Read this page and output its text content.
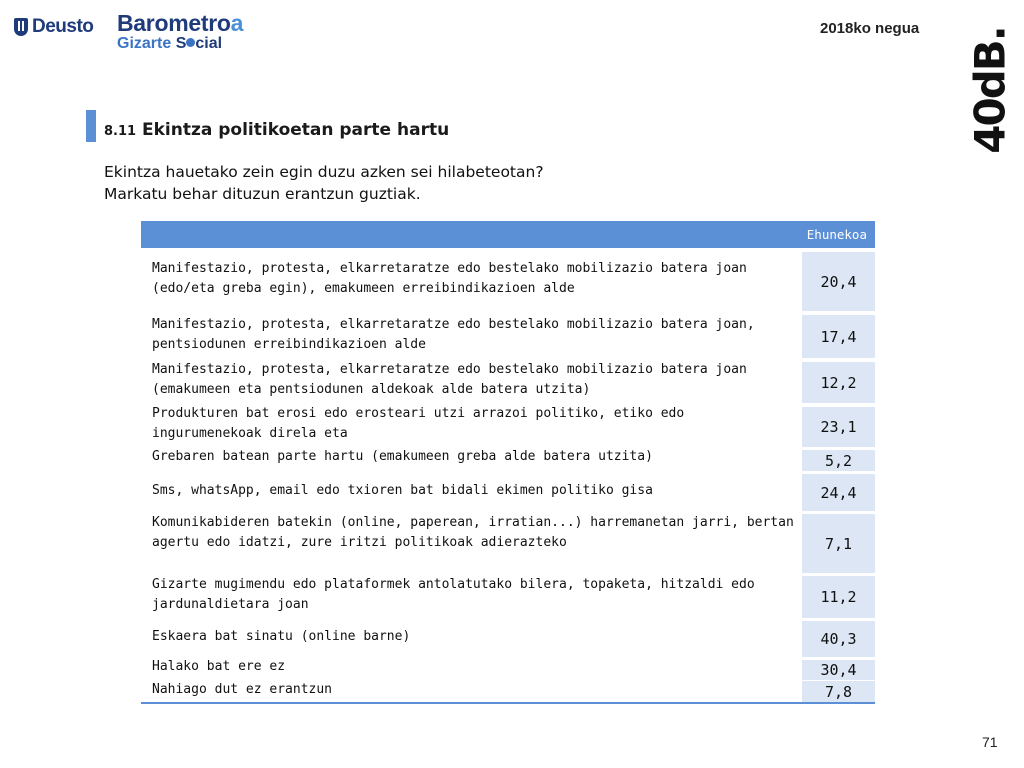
Deusto Barometroa
Gizarte S cial
2018ko negua 40dB.
8.11 Ekintza politikoetan parte hartu
Ekintza hauetako zein egin duzu azken sei hilabeteotan?
Markatu behar dituzun erantzun guztiak.
Ehunekoa
Manifestazio, protesta, elkarretaratze edo bestelako mobilizazio batera joan
(edo/eta greba egin), emakumeen erreibindikazioen alde	20,4
Manifestazio, protesta, elkarretaratze edo bestelako mobilizazio batera joan,
pentsiodunen erreibindikazioen alde	17,4
Manifestazio, protesta, elkarretaratze edo bestelako mobilizazio batera joan
(emakumeen eta pentsiodunen aldekoak alde batera utzita)	12,2
Produkturen bat erosi edo erosteari utzi arrazoi politiko, etiko edo
ingurumenekoak direla eta	23,1
Grebaren batean parte hartu (emakumeen greba alde batera utzita)	5,2
Sms, whatsApp, email edo txioren bat bidali ekimen politiko gisa	24,4
Komunikabideren batekin (online, paperean, irratian...) harremanetan jarri, bertan
agertu edo idatzi, zure iritzi politikoak adierazteko	7,1
Gizarte mugimendu edo plataformek antolatutako bilera, topaketa, hitzaldi edo
jardunaldietara joan	11,2
Eskaera bat sinatu (online barne)	40,3
Halako bat ere ez	30,4
Nahiago dut ez erantzun	7,8
71
